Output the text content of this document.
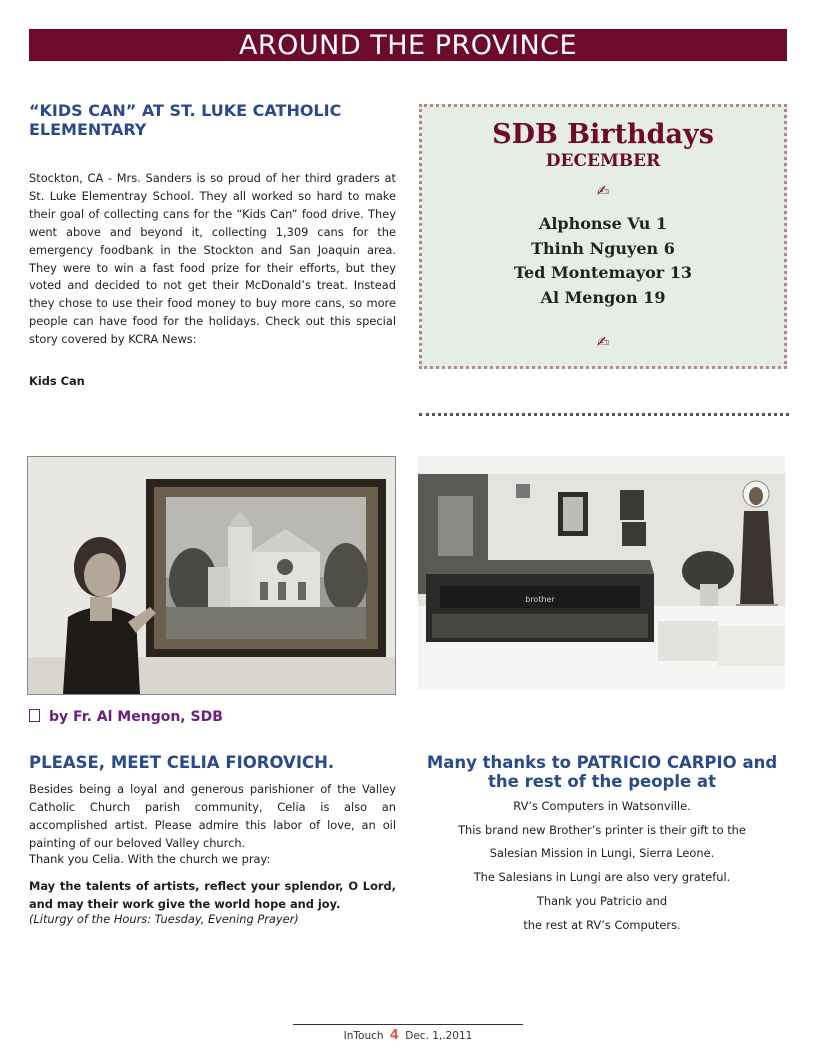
AROUND THE PROVINCE
“KIDS CAN” AT ST. LUKE CATHOLIC ELEMENTARY

Stockton, CA - Mrs. Sanders is so proud of her third graders at St. Luke Elementray School. They all worked so hard to make their goal of collecting cans for the “Kids Can” food drive. They went above and beyond it, collecting 1,309 cans for the emergency foodbank in the Stockton and San Joaquin area. They were to win a fast food prize for their efforts, but they voted and decided to not get their McDonald’s treat. Instead they chose to use their food money to buy more cans, so more people can have food for the holidays. Check out this special story covered by KCRA News:

Kids Can
SDB Birthdays
DECEMBER
✍
Alphonse Vu 1
Thinh Nguyen 6
Ted Montemayor 13
Al Mengon 19
✍
brother
by Fr. Al Mengon, SDB
PLEASE, MEET CELIA FIOROVICH.

Besides being a loyal and generous parishioner of the Valley Catholic Church parish community, Celia is also an accomplished artist. Please admire this labor of love, an oil painting of our beloved Valley church.

Thank you Celia. With the church we pray:

May the talents of artists, reflect your splendor, O Lord, and may their work give the world hope and joy.

(Liturgy of the Hours: Tuesday, Evening Prayer)

Many thanks to PATRICIO CARPIO and the rest of the people at
RV’s Computers in Watsonville.
This brand new Brother’s printer is their gift to the
Salesian Mission in Lungi, Sierra Leone.
The Salesians in Lungi are also very grateful.
Thank you Patricio and
the rest at RV’s Computers.
InTouch 4 Dec. 1,.2011
